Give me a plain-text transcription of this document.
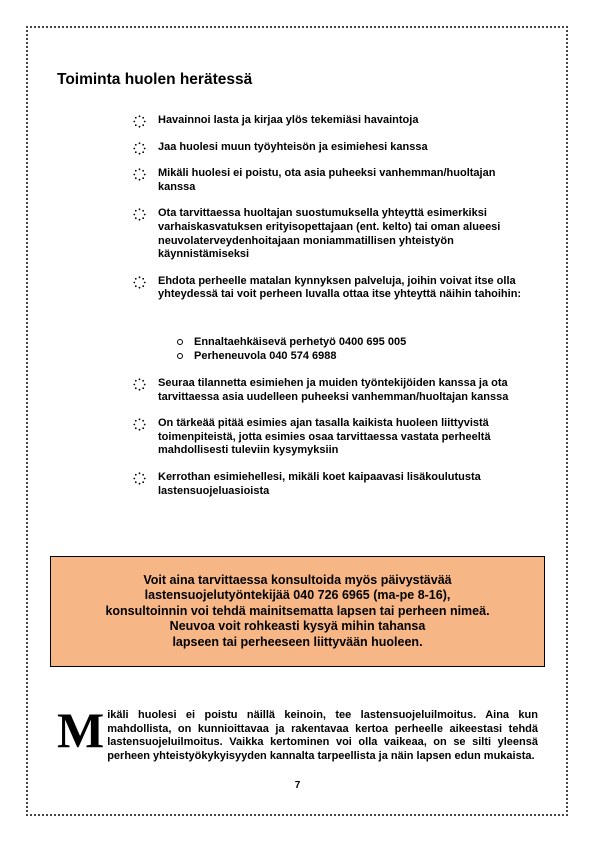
Toiminta huolen herätessä
Havainnoi lasta ja kirjaa ylös tekemiäsi havaintoja
Jaa huolesi muun työyhteisön ja esimiehesi kanssa
Mikäli huolesi ei poistu, ota asia puheeksi vanhemman/huoltajan kanssa
Ota tarvittaessa huoltajan suostumuksella yhteyttä esimerkiksi varhaiskasvatuksen erityisopettajaan (ent. kelto) tai oman alueesi neuvolaterveydenhoitajaan moniammatillisen yhteistyön käynnistämiseksi
Ehdota perheelle matalan kynnyksen palveluja, joihin voivat itse olla yhteydessä tai voit perheen luvalla ottaa itse yhteyttä näihin tahoihin:
Ennaltaehkäisevä perhetyö 0400 695 005
Perheneuvola 040 574 6988
Seuraa tilannetta esimiehen ja muiden työntekijöiden kanssa ja ota tarvittaessa asia uudelleen puheeksi vanhemman/huoltajan kanssa
On tärkeää pitää esimies ajan tasalla kaikista huoleen liittyvistä toimenpiteistä, jotta esimies osaa tarvittaessa vastata perheeltä mahdollisesti tuleviin kysymyksiin
Kerrothan esimiehellesi, mikäli koet kaipaavasi lisäkoulutusta lastensuojeluasioista
Voit aina tarvittaessa konsultoida myös päivystävää
lastensuojelutyöntekijää 040 726 6965 (ma-pe 8-16),
konsultoinnin voi tehdä mainitsematta lapsen tai perheen nimeä.
Neuvoa voit rohkeasti kysyä mihin tahansa
lapseen tai perheeseen liittyvään huoleen.
Mikäli huolesi ei poistu näillä keinoin, tee lastensuojeluilmoitus. Aina kun mahdollista, on kunnioittavaa ja rakentavaa kertoa perheelle aikeestasi tehdä lastensuojeluilmoitus. Vaikka kertominen voi olla vaikeaa, on se silti yleensä perheen yhteistyökykyisyyden kannalta tarpeellista ja näin lapsen edun mukaista.
7
